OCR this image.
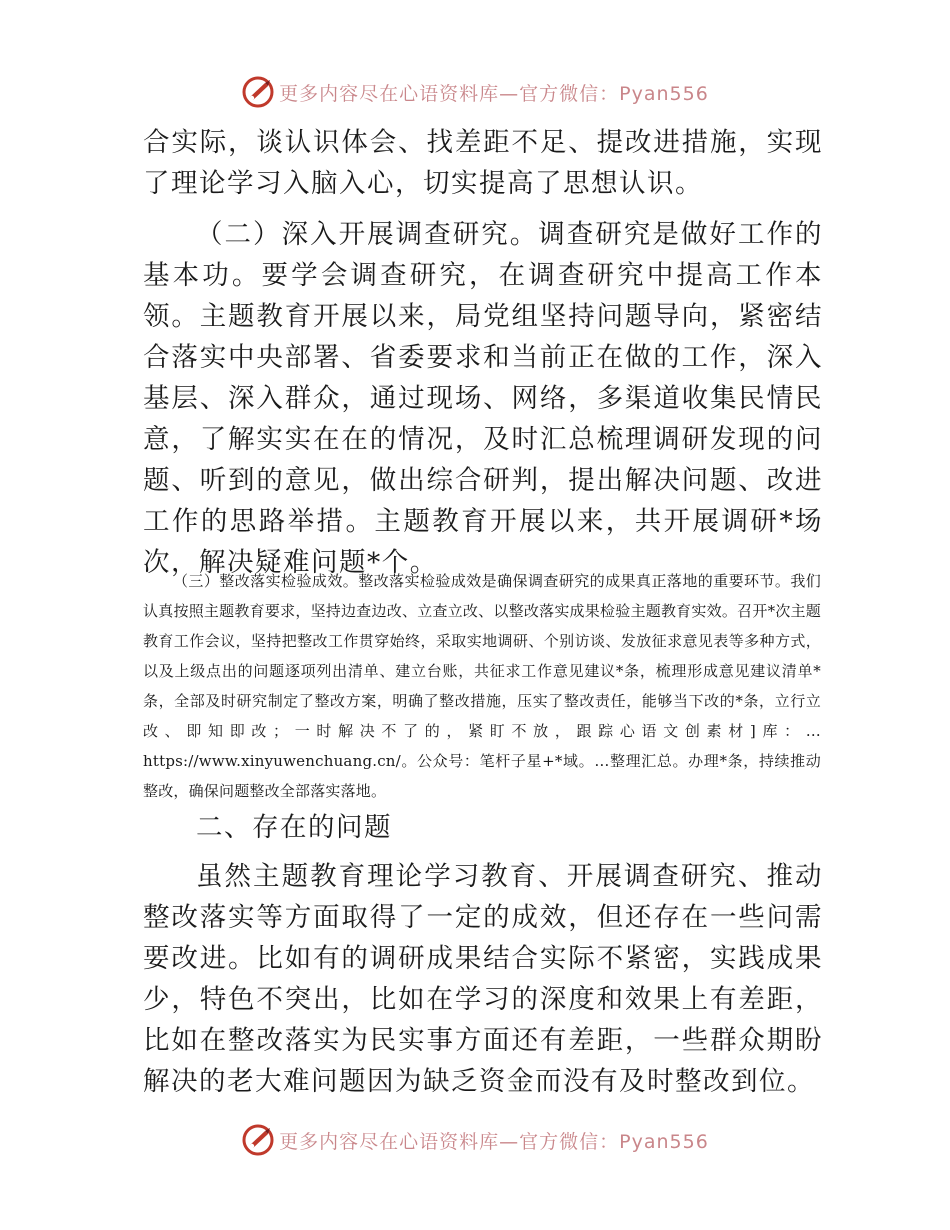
更多内容尽在心语资料库—官方微信：Pyan556

合实际，谈认识体会、找差距不足、提改进措施，实现了理论学习入脑入心，切实提高了思想认识。

（二）深入开展调查研究。调查研究是做好工作的基本功。要学会调查研究，在调查研究中提高工作本领。主题教育开展以来，局党组坚持问题导向，紧密结合落实中央部署、省委要求和当前正在做的工作，深入基层、深入群众，通过现场、网络，多渠道收集民情民意，了解实实在在的情况，及时汇总梳理调研发现的问题、听到的意见，做出综合研判，提出解决问题、改进工作的思路举措。主题教育开展以来，共开展调研*场次，解决疑难问题*个。

（三）整改落实检验成效。整改落实检验成效是确保调查研究的成果真正落地的重要环节。我们认真按照主题教育要求，坚持边查边改、立查立改、以整改落实成果检验主题教育实效。召开*次主题教育工作会议，坚持把整改工作贯穿始终，采取实地调研、个别访谈、发放征求意见表等多种方式，以及上级点出的问题逐项列出清单、建立台账，共征求工作意见建议*条，梳理形成意见建议清单*条，全部及时研究制定了整改方案，明确了整改措施，压实了整改责任，能够当下改的*条，立行立改、即知即改；一时解决不了的，紧盯不放，跟踪心语文创素材]库：…https://www.xinyuwenchuang.cn/。公众号：笔杆子星+*域。…整理汇总。办理*条，持续推动整改，确保问题整改全部落实落地。

二、存在的问题

虽然主题教育理论学习教育、开展调查研究、推动整改落实等方面取得了一定的成效，但还存在一些问需要改进。比如有的调研成果结合实际不紧密，实践成果少，特色不突出，比如在学习的深度和效果上有差距，比如在整改落实为民实事方面还有差距，一些群众期盼解决的老大难问题因为缺乏资金而没有及时整改到位。

更多内容尽在心语资料库—官方微信：Pyan556
